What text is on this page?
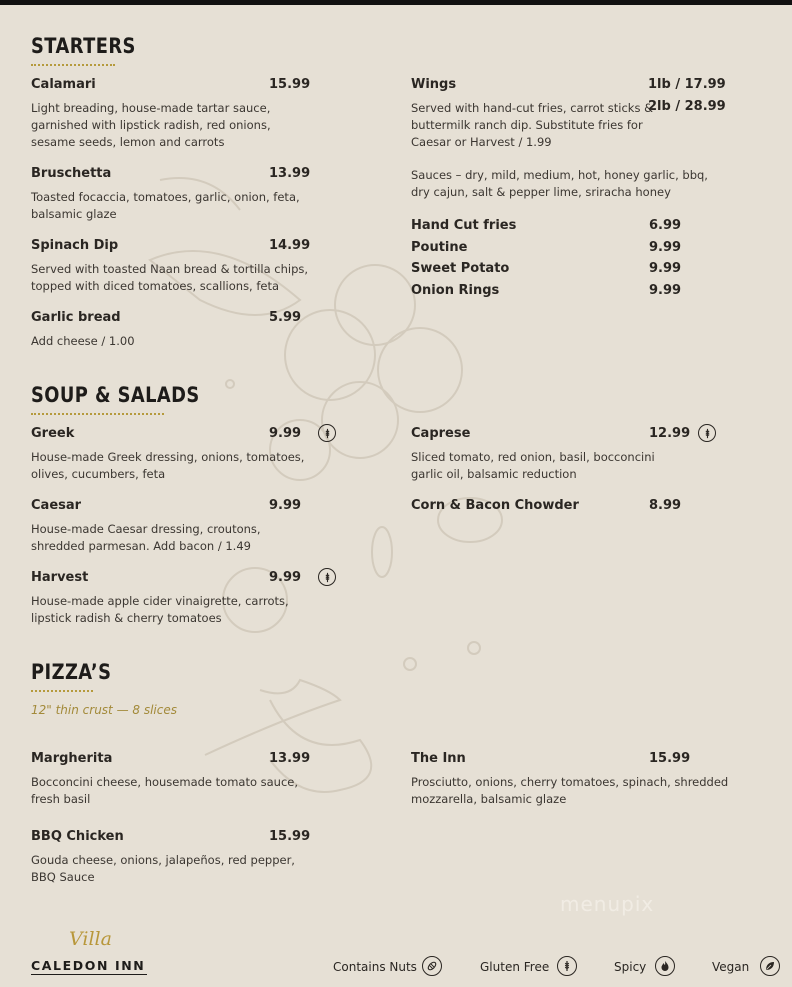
STARTERS
Calamari	15.99
Light breading, house-made tartar sauce,
garnished with lipstick radish, red onions,
sesame seeds, lemon and carrots
Bruschetta	13.99
Toasted focaccia, tomatoes, garlic, onion, feta,
balsamic glaze
Spinach Dip	14.99
Served with toasted Naan bread & tortilla chips,
topped with diced tomatoes, scallions, feta
Garlic bread	5.99
Add cheese / 1.00
Wings	1lb / 17.99
2lb / 28.99
Served with hand-cut fries, carrot sticks &
buttermilk ranch dip. Substitute fries for
Caesar or Harvest / 1.99
Sauces – dry, mild, medium, hot, honey garlic, bbq,
dry cajun, salt & pepper lime, sriracha honey
Hand Cut fries	6.99
Poutine	9.99
Sweet Potato	9.99
Onion Rings	9.99
SOUP & SALADS
Greek	9.99
House-made Greek dressing, onions, tomatoes,
olives, cucumbers, feta
Caesar	9.99
House-made Caesar dressing, croutons,
shredded parmesan. Add bacon / 1.49
Harvest	9.99
House-made apple cider vinaigrette, carrots,
lipstick radish & cherry tomatoes
Caprese	12.99
Sliced tomato, red onion, basil, bocconcini
garlic oil, balsamic reduction
Corn & Bacon Chowder	8.99
PIZZA’S
12" thin crust — 8 slices
Margherita	13.99
Bocconcini cheese, housemade tomato sauce,
fresh basil
BBQ Chicken	15.99
Gouda cheese, onions, jalapeños, red pepper,
BBQ Sauce
The Inn	15.99
Prosciutto, onions, cherry tomatoes, spinach, shredded
mozzarella, balsamic glaze
menupix
Villa
CALEDON INN	Contains Nuts	Gluten Free	Spicy	Vegan
